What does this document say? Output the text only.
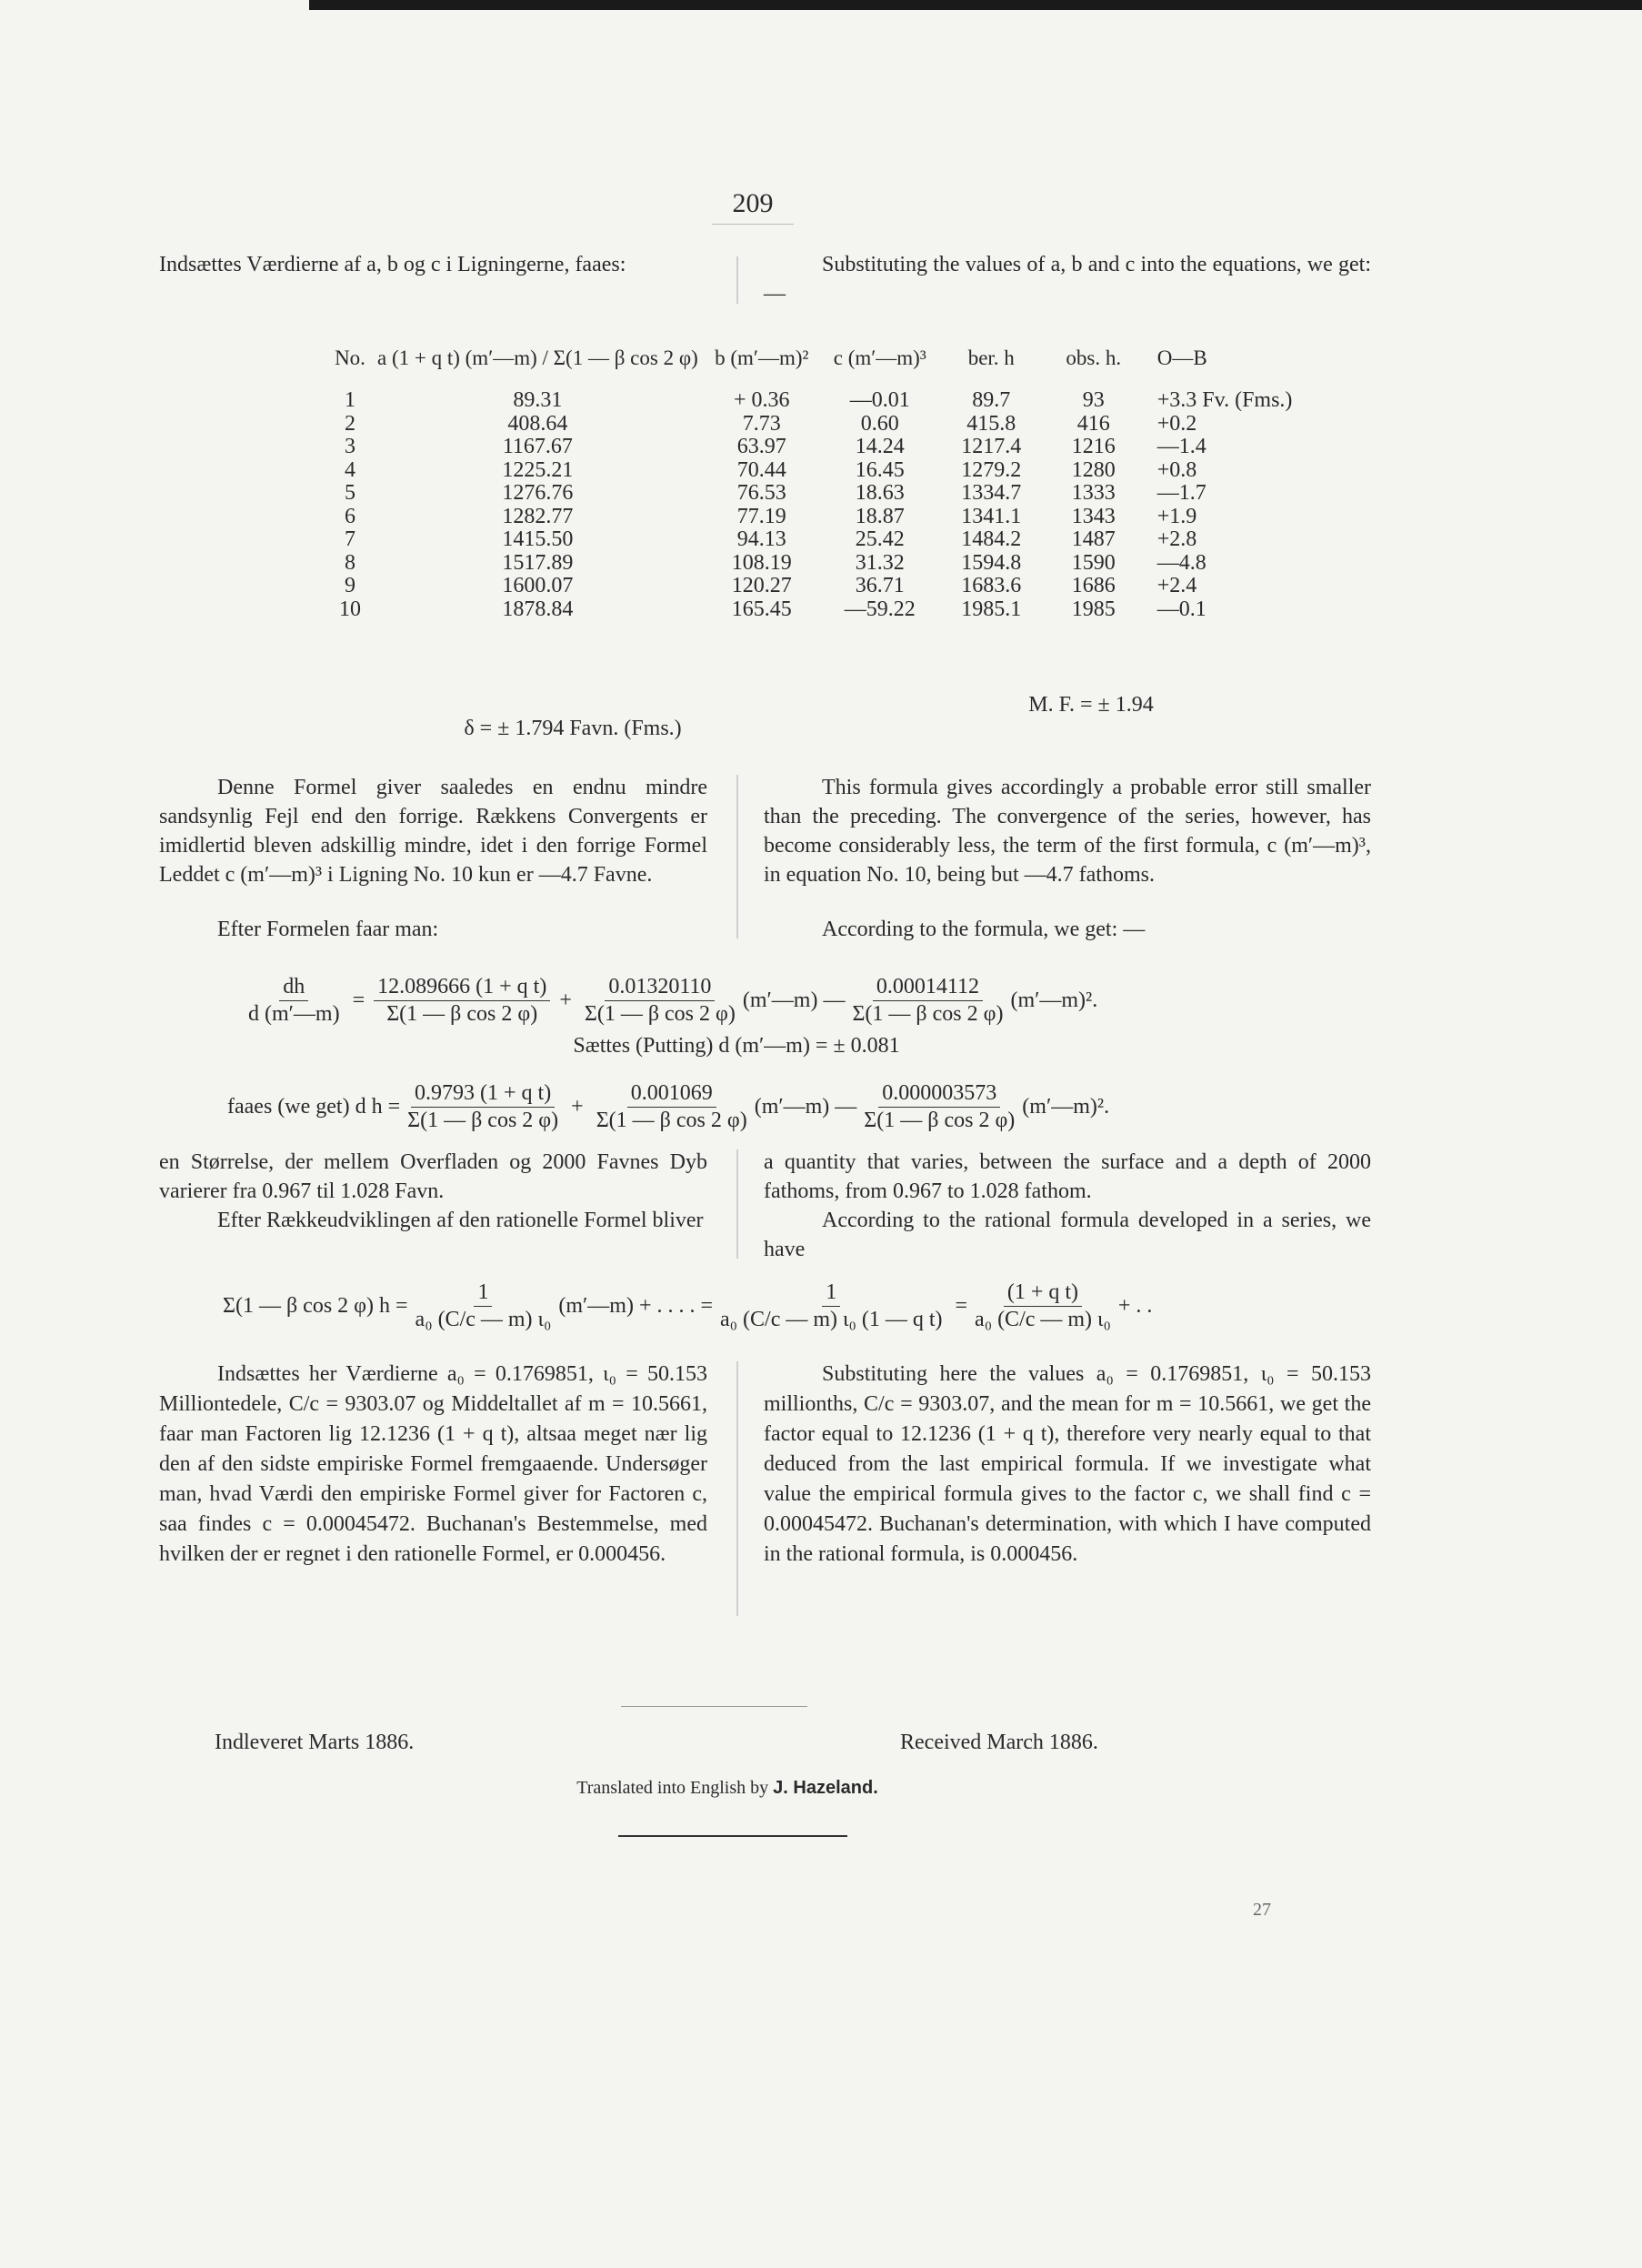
209
Indsættes Værdierne af a, b og c i Ligningerne, faaes:	Substituting the values of a, b and c into the equations, we get: —
No.	a (1 + q t) (m′—m) / Σ(1 — β cos 2 φ)	b (m′—m)²	c (m′—m)³	ber. h	obs. h.	O—B
1	89.31	+ 0.36	—0.01	89.7	93	+3.3 Fv. (Fms.)
2	408.64	7.73	0.60	415.8	416	+0.2
3	1167.67	63.97	14.24	1217.4	1216	—1.4
4	1225.21	70.44	16.45	1279.2	1280	+0.8
5	1276.76	76.53	18.63	1334.7	1333	—1.7
6	1282.77	77.19	18.87	1341.1	1343	+1.9
7	1415.50	94.13	25.42	1484.2	1487	+2.8
8	1517.89	108.19	31.32	1594.8	1590	—4.8
9	1600.07	120.27	36.71	1683.6	1686	+2.4
10	1878.84	165.45	—59.22	1985.1	1985	—0.1
M. F. = ± 1.94
δ = ± 1.794 Favn. (Fms.)
Denne Formel giver saaledes en endnu mindre sandsynlig Fejl end den forrige. Rækkens Convergents er imidlertid bleven adskillig mindre, idet i den forrige Formel Leddet c (m′—m)³ i Ligning No. 10 kun er —4.7 Favne.
This formula gives accordingly a probable error still smaller than the preceding. The convergence of the series, however, has become considerably less, the term of the first formula, c (m′—m)³, in equation No. 10, being but —4.7 fathoms.
Efter Formelen faar man:	According to the formula, we get: —
$\frac{dh}{d (m'—m)} = \frac{\text{12.089666 (1 + q t)}}{\text{Σ(1 — β cos 2 φ)}} + \frac{0.01320110}{\text{Σ(1 — β cos 2 φ)}}$ (m′—m) — $\frac{0.00014112}{\text{Σ(1 — β cos 2 φ)}}$ (m′—m)².
Sættes (Putting) d (m′—m) = ± 0.081
faaes (we get) d $h = \frac{\text{0.9793 (1 + q t)}}{\text{Σ(1 — β cos 2 φ)}} + \frac{0.001069}{\text{Σ(1 — β cos 2 φ)}}$ (m′—m) — $\frac{0.000003573}{\text{Σ(1 — β cos 2 φ)}}$ (m′—m)².
en Størrelse, der mellem Overfladen og 2000 Favnes Dyb varierer fra 0.967 til 1.028 Favn.
Efter Rækkeudviklingen af den rationelle Formel bliver
a quantity that varies, between the surface and a depth of 2000 fathoms, from 0.967 to 1.028 fathom.
According to the rational formula developed in a series, we have
Σ(1 — β cos 2 φ) $h = \frac{1}{\text{a₀ (C/c — m) ι₀}}$ (m′—m) + . . . . = $\frac{1}{\text{a₀ (C/c — m) ι₀ (1 — q t)}}$
= $\frac{\text{(1 + q t)}}{\text{a₀ (C/c — m) ι₀}}$ + . .
Indsættes her Værdierne a₀ = 0.1769851, ι₀ = 50.153 Milliontedele, C/c = 9303.07 og Middeltallet af m = 10.5661, faar man Factoren lig 12.1236 (1 + q t), altsaa meget nær lig den af den sidste empiriske Formel fremgaaende. Undersøger man, hvad Værdi den empiriske Formel giver for Factoren c, saa findes c = 0.00045472. Buchanan's Bestemmelse, med hvilken der er regnet i den rationelle Formel, er 0.000456.
Substituting here the values a₀ = 0.1769851, ι₀ = 50.153 millionths, C/c = 9303.07, and the mean for m = 10.5661, we get the factor equal to 12.1236 (1 + q t), therefore very nearly equal to that deduced from the last empirical formula. If we investigate what value the empirical formula gives to the factor c, we shall find c = 0.00045472. Buchanan's determination, with which I have computed in the rational formula, is 0.000456.
Indleveret Marts 1886.	Received March 1886.
Translated into English by J. Hazeland.
27
